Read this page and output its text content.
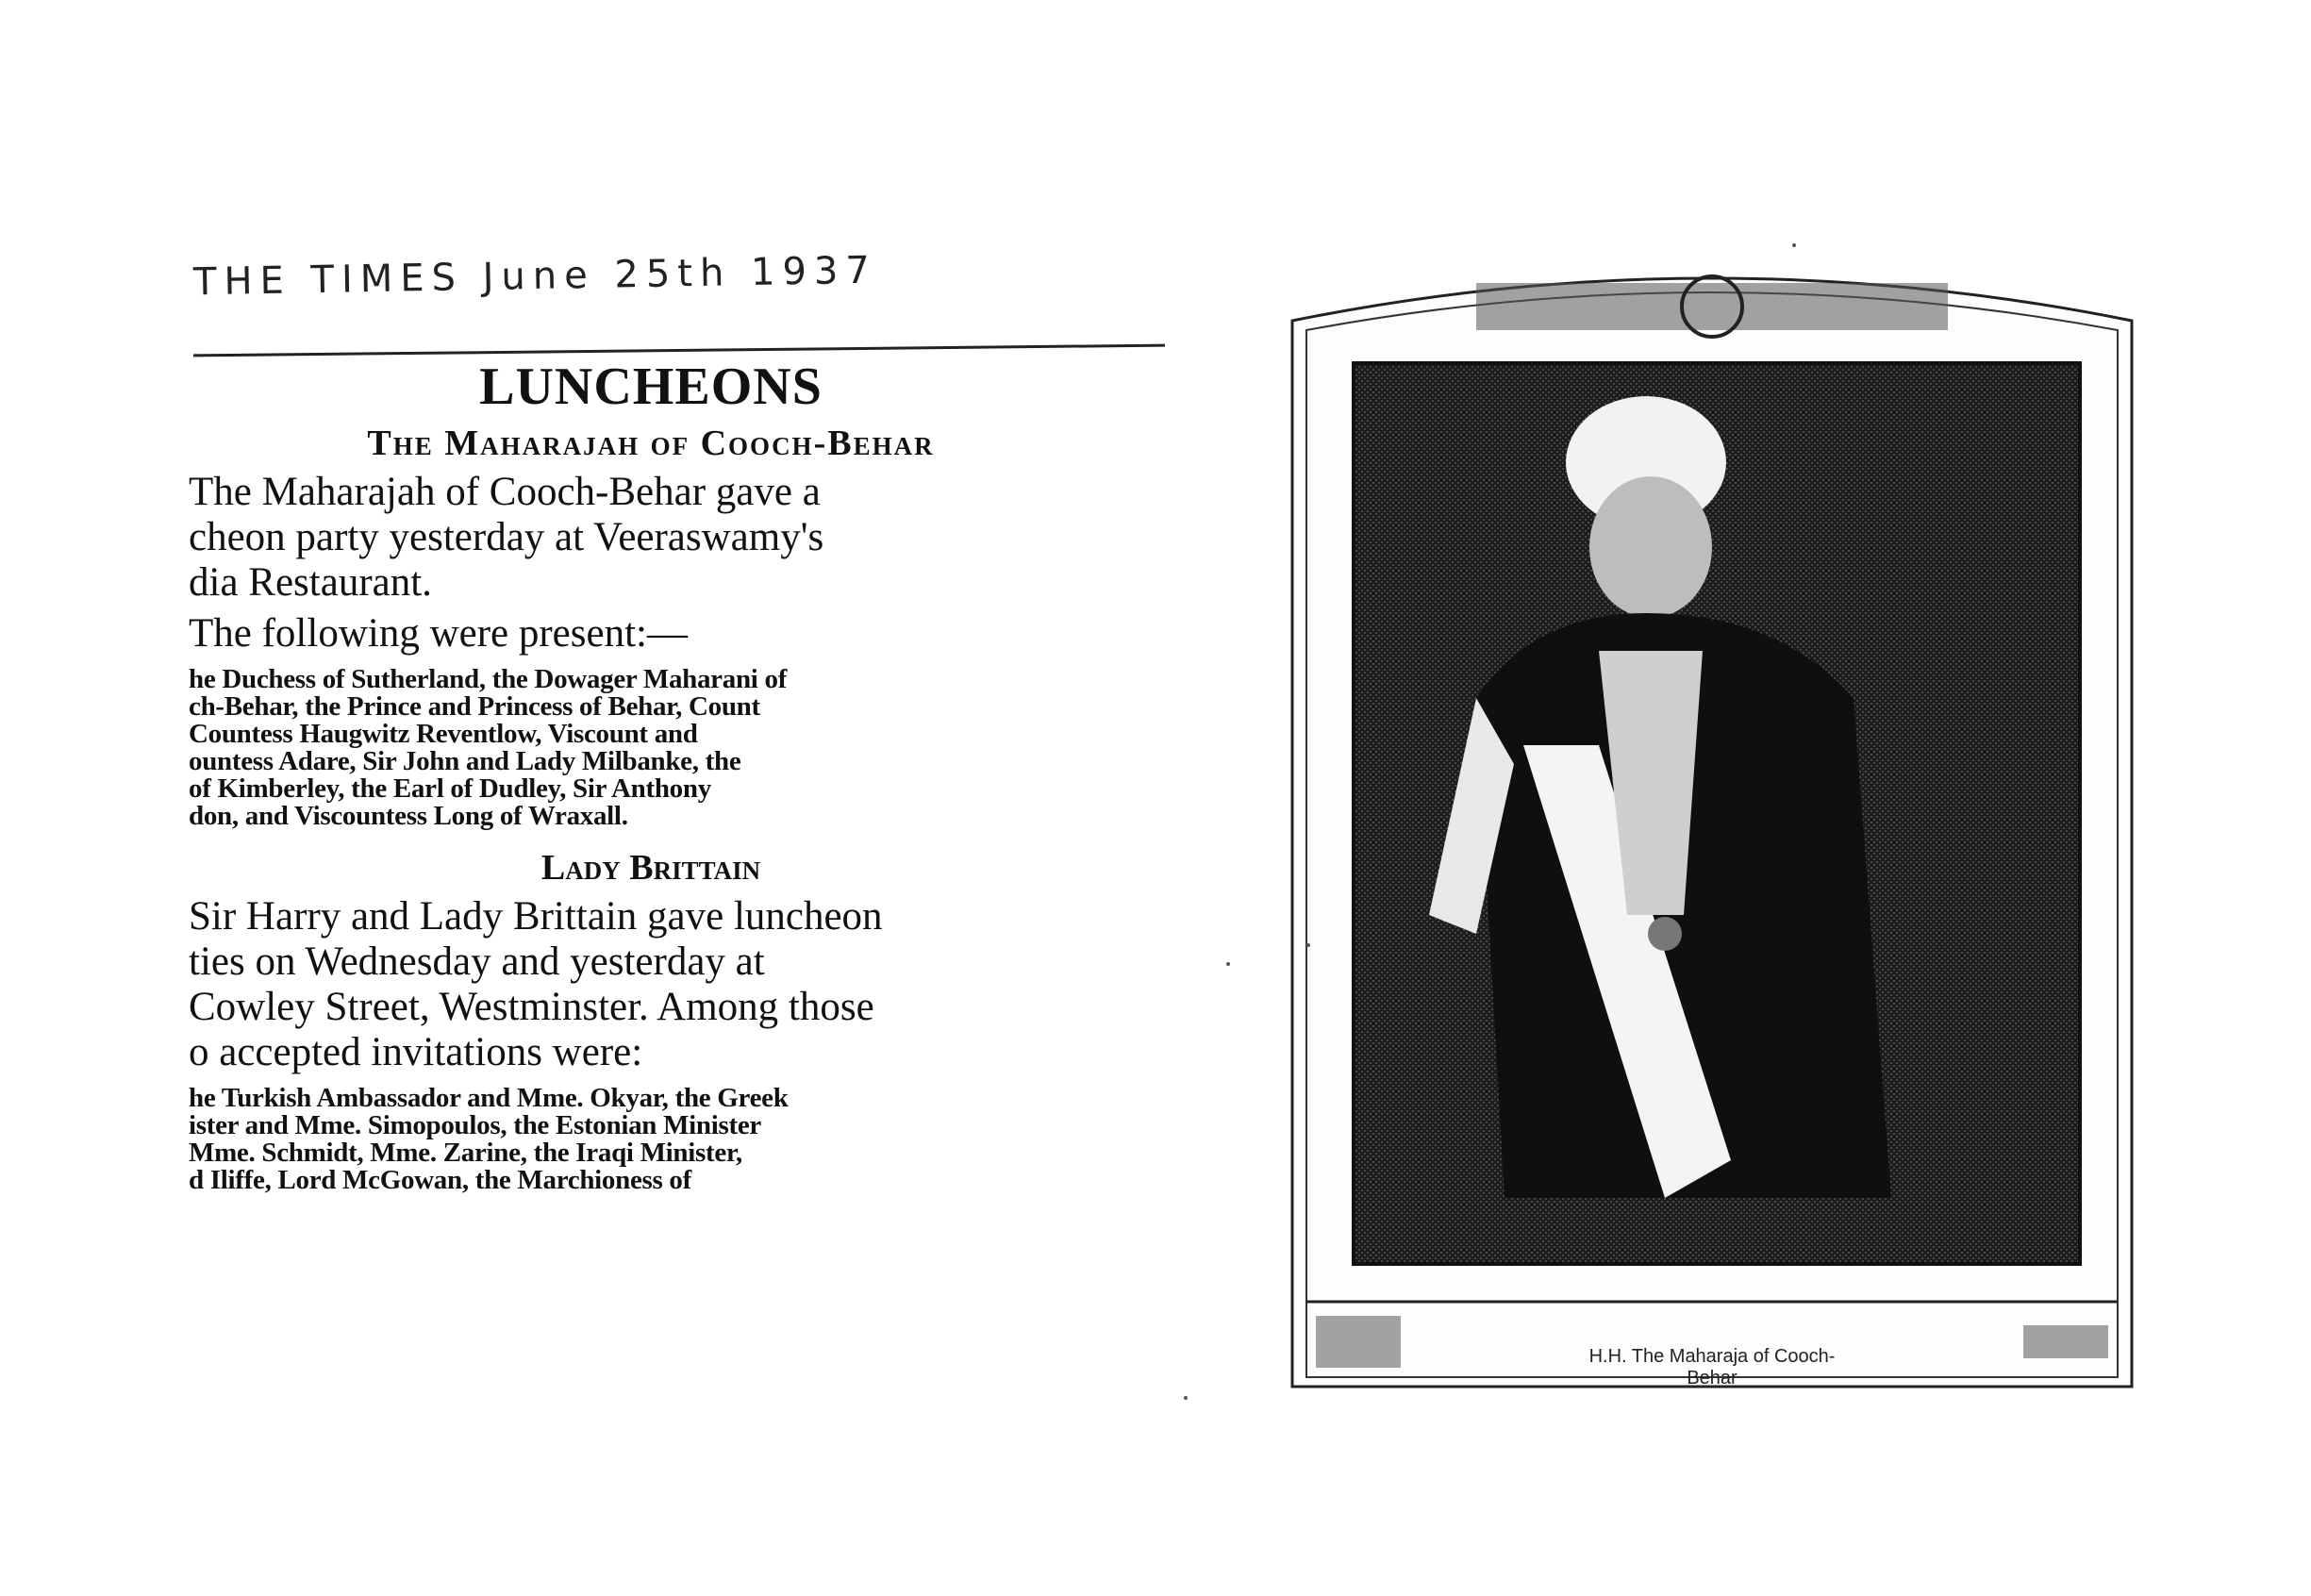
THE TIMES June 25th 1937

LUNCHEONS

The Maharajah of Cooch-Behar

The Maharajah of Cooch-Behar gave a
cheon party yesterday at Veeraswamy's
dia Restaurant.

The following were present:—

he Duchess of Sutherland, the Dowager Maharani of
ch-Behar, the Prince and Princess of Behar, Count
Countess Haugwitz Reventlow, Viscount and
ountess Adare, Sir John and Lady Milbanke, the
of Kimberley, the Earl of Dudley, Sir Anthony
don, and Viscountess Long of Wraxall.

Lady Brittain

Sir Harry and Lady Brittain gave luncheon
ties on Wednesday and yesterday at
Cowley Street, Westminster. Among those
o accepted invitations were:

he Turkish Ambassador and Mme. Okyar, the Greek
ister and Mme. Simopoulos, the Estonian Minister
Mme. Schmidt, Mme. Zarine, the Iraqi Minister,
d Iliffe, Lord McGowan, the Marchioness of

H.H. The Maharaja of Cooch-Behar
